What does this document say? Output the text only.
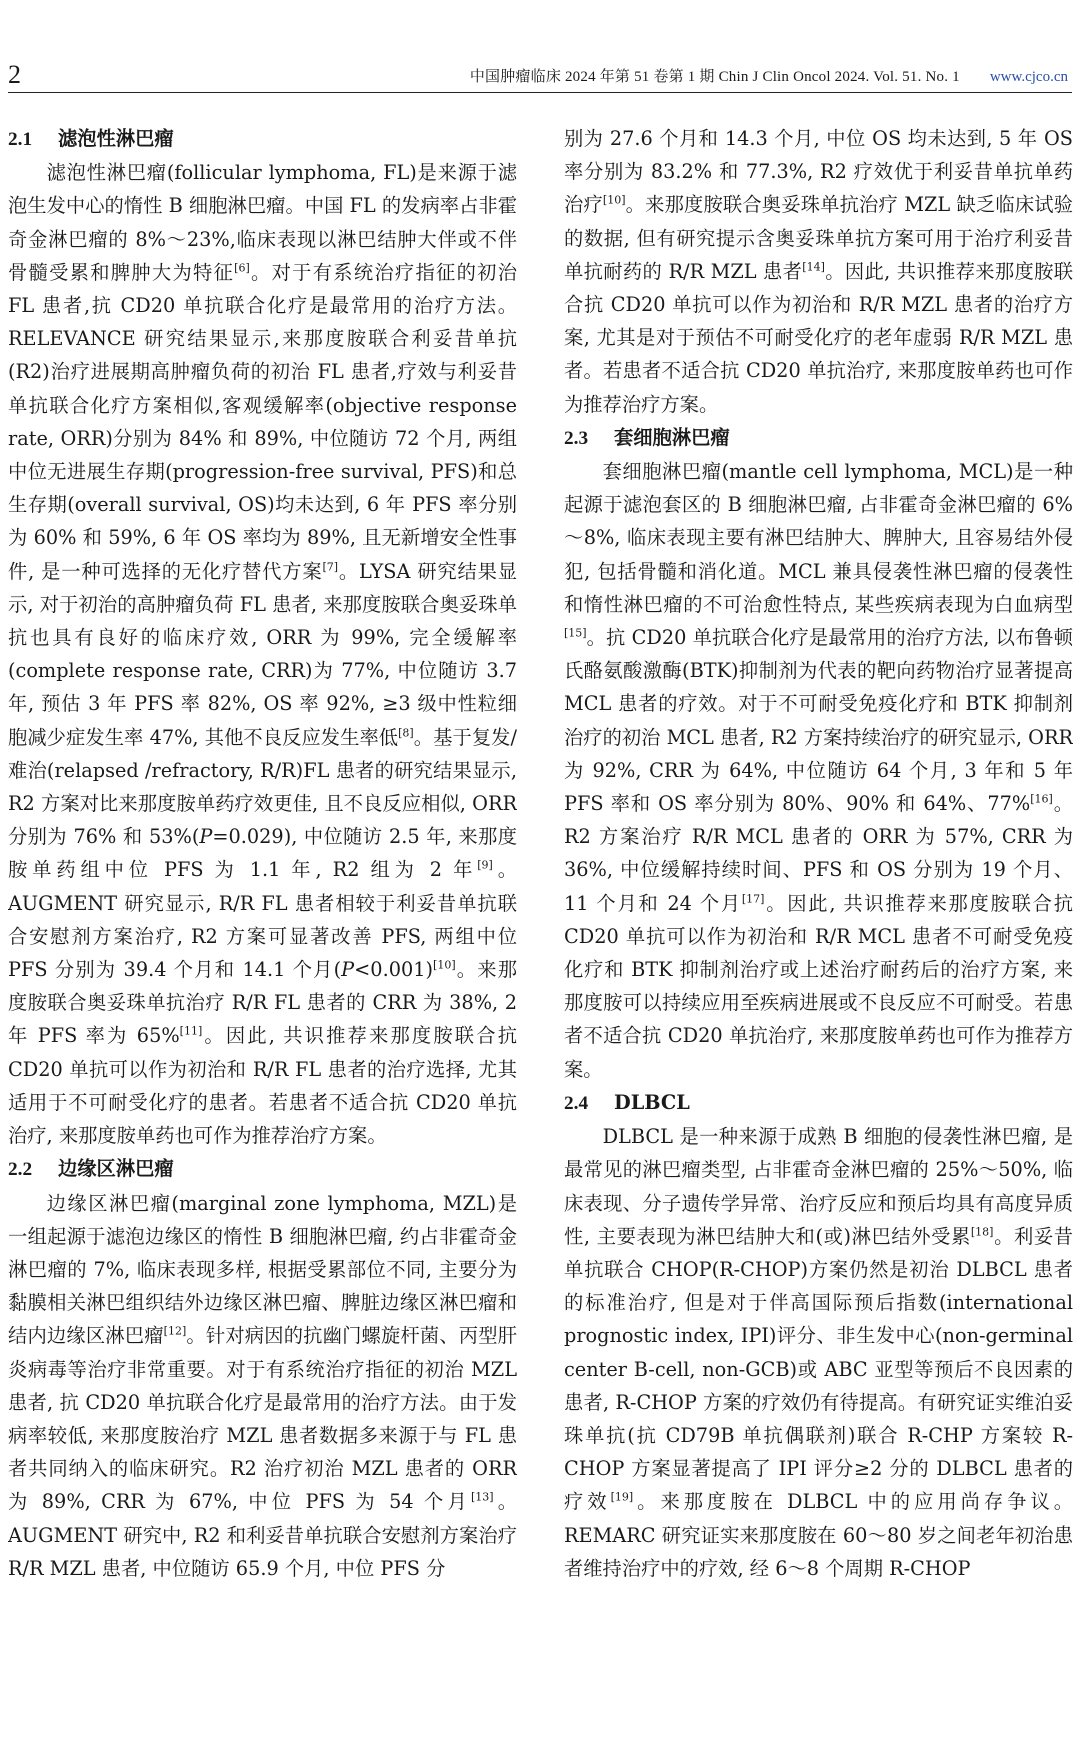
2	中国肿瘤临床 2024 年第 51 卷第 1 期 Chin J Clin Oncol 2024. Vol. 51. No. 1 www.cjco.cn
2.1 滤泡性淋巴瘤

滤泡性淋巴瘤(follicular lymphoma, FL)是来源于滤泡生发中心的惰性 B 细胞淋巴瘤。中国 FL 的发病率占非霍奇金淋巴瘤的 8%～23%,临床表现以淋巴结肿大伴或不伴骨髓受累和脾肿大为特征[6]。对于有系统治疗指征的初治 FL 患者,抗 CD20 单抗联合化疗是最常用的治疗方法。RELEVANCE 研究结果显示,来那度胺联合利妥昔单抗(R2)治疗进展期高肿瘤负荷的初治 FL 患者,疗效与利妥昔单抗联合化疗方案相似,客观缓解率(objective response rate, ORR)分别为 84% 和 89%, 中位随访 72 个月, 两组中位无进展生存期(progression-free survival, PFS)和总生存期(overall survival, OS)均未达到, 6 年 PFS 率分别为 60% 和 59%, 6 年 OS 率均为 89%, 且无新增安全性事件, 是一种可选择的无化疗替代方案[7]。LYSA 研究结果显示, 对于初治的高肿瘤负荷 FL 患者, 来那度胺联合奥妥珠单抗也具有良好的临床疗效, ORR 为 99%, 完全缓解率(complete response rate, CRR)为 77%, 中位随访 3.7 年, 预估 3 年 PFS 率 82%, OS 率 92%, ≥3 级中性粒细胞减少症发生率 47%, 其他不良反应发生率低[8]。基于复发/难治(relapsed /refractory, R/R)FL 患者的研究结果显示, R2 方案对比来那度胺单药疗效更佳, 且不良反应相似, ORR 分别为 76% 和 53%(P=0.029), 中位随访 2.5 年, 来那度胺单药组中位 PFS 为 1.1 年, R2 组为 2 年[9]。AUGMENT 研究显示, R/R FL 患者相较于利妥昔单抗联合安慰剂方案治疗, R2 方案可显著改善 PFS, 两组中位 PFS 分别为 39.4 个月和 14.1 个月(P<0.001)[10]。来那度胺联合奥妥珠单抗治疗 R/R FL 患者的 CRR 为 38%, 2 年 PFS 率为 65%[11]。因此, 共识推荐来那度胺联合抗 CD20 单抗可以作为初治和 R/R FL 患者的治疗选择, 尤其适用于不可耐受化疗的患者。若患者不适合抗 CD20 单抗治疗, 来那度胺单药也可作为推荐治疗方案。

2.2 边缘区淋巴瘤

边缘区淋巴瘤(marginal zone lymphoma, MZL)是一组起源于滤泡边缘区的惰性 B 细胞淋巴瘤, 约占非霍奇金淋巴瘤的 7%, 临床表现多样, 根据受累部位不同, 主要分为黏膜相关淋巴组织结外边缘区淋巴瘤、脾脏边缘区淋巴瘤和结内边缘区淋巴瘤[12]。针对病因的抗幽门螺旋杆菌、丙型肝炎病毒等治疗非常重要。对于有系统治疗指征的初治 MZL 患者, 抗 CD20 单抗联合化疗是最常用的治疗方法。由于发病率较低, 来那度胺治疗 MZL 患者数据多来源于与 FL 患者共同纳入的临床研究。R2 治疗初治 MZL 患者的 ORR 为 89%, CRR 为 67%, 中位 PFS 为 54 个月[13]。AUGMENT 研究中, R2 和利妥昔单抗联合安慰剂方案治疗 R/R MZL 患者, 中位随访 65.9 个月, 中位 PFS 分

别为 27.6 个月和 14.3 个月, 中位 OS 均未达到, 5 年 OS 率分别为 83.2% 和 77.3%, R2 疗效优于利妥昔单抗单药治疗[10]。来那度胺联合奥妥珠单抗治疗 MZL 缺乏临床试验的数据, 但有研究提示含奥妥珠单抗方案可用于治疗利妥昔单抗耐药的 R/R MZL 患者[14]。因此, 共识推荐来那度胺联合抗 CD20 单抗可以作为初治和 R/R MZL 患者的治疗方案, 尤其是对于预估不可耐受化疗的老年虚弱 R/R MZL 患者。若患者不适合抗 CD20 单抗治疗, 来那度胺单药也可作为推荐治疗方案。

2.3 套细胞淋巴瘤

套细胞淋巴瘤(mantle cell lymphoma, MCL)是一种起源于滤泡套区的 B 细胞淋巴瘤, 占非霍奇金淋巴瘤的 6%～8%, 临床表现主要有淋巴结肿大、脾肿大, 且容易结外侵犯, 包括骨髓和消化道。MCL 兼具侵袭性淋巴瘤的侵袭性和惰性淋巴瘤的不可治愈性特点, 某些疾病表现为白血病型[15]。抗 CD20 单抗联合化疗是最常用的治疗方法, 以布鲁顿氏酪氨酸激酶(BTK)抑制剂为代表的靶向药物治疗显著提高 MCL 患者的疗效。对于不可耐受免疫化疗和 BTK 抑制剂治疗的初治 MCL 患者, R2 方案持续治疗的研究显示, ORR 为 92%, CRR 为 64%, 中位随访 64 个月, 3 年和 5 年 PFS 率和 OS 率分别为 80%、90% 和 64%、77%[16]。R2 方案治疗 R/R MCL 患者的 ORR 为 57%, CRR 为 36%, 中位缓解持续时间、PFS 和 OS 分别为 19 个月、11 个月和 24 个月[17]。因此, 共识推荐来那度胺联合抗 CD20 单抗可以作为初治和 R/R MCL 患者不可耐受免疫化疗和 BTK 抑制剂治疗或上述治疗耐药后的治疗方案, 来那度胺可以持续应用至疾病进展或不良反应不可耐受。若患者不适合抗 CD20 单抗治疗, 来那度胺单药也可作为推荐方案。

2.4 DLBCL

DLBCL 是一种来源于成熟 B 细胞的侵袭性淋巴瘤, 是最常见的淋巴瘤类型, 占非霍奇金淋巴瘤的 25%～50%, 临床表现、分子遗传学异常、治疗反应和预后均具有高度异质性, 主要表现为淋巴结肿大和(或)淋巴结外受累[18]。利妥昔单抗联合 CHOP(R-CHOP)方案仍然是初治 DLBCL 患者的标准治疗, 但是对于伴高国际预后指数(international prognostic index, IPI)评分、非生发中心(non-germinal center B-cell, non-GCB)或 ABC 亚型等预后不良因素的患者, R-CHOP 方案的疗效仍有待提高。有研究证实维泊妥珠单抗(抗 CD79B 单抗偶联剂)联合 R-CHP 方案较 R-CHOP 方案显著提高了 IPI 评分≥2 分的 DLBCL 患者的疗效[19]。来那度胺在 DLBCL 中的应用尚存争议。REMARC 研究证实来那度胺在 60～80 岁之间老年初治患者维持治疗中的疗效, 经 6～8 个周期 R-CHOP
